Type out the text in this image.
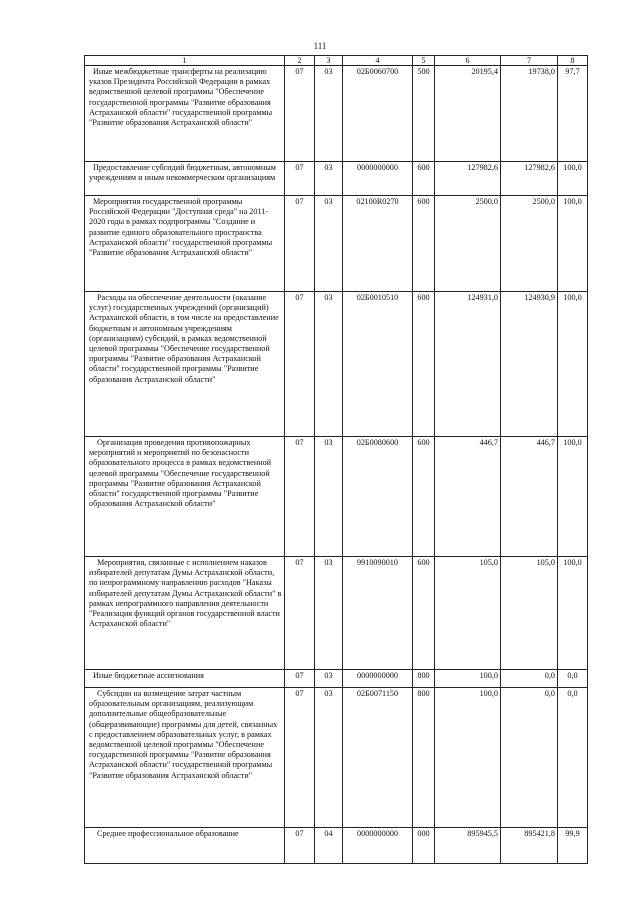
111
1	2	3	4	5	6	7	8
Иные межбюджетные трансферты на реализацию указов Президента Российской Федерации в рамках ведомственной целевой программы "Обеспечение государственной программы "Развитие образования Астраханской области" государственной программы "Развитие образования Астраханской области"	07	03	02Б0060700	500	20195,4	19738,0	97,7
Предоставление субсидий бюджетным, автономным учреждениям и иным некоммерческим организациям	07	03	0000000000	600	127982,6	127982,6	100,0
Мероприятия государственной программы Российской Федерации "Доступная среда" на 2011-2020 годы в рамках подпрограммы "Создание и развитие единого образовательного пространства Астраханской области" государственной программы "Развитие образования Астраханской области"	07	03	02100R0270	600	2500,0	2500,0	100,0
Расходы на обеспечение деятельности (оказание услуг) государственных учреждений (организаций) Астраханской области, в том числе на предоставление бюджетным и автономным учреждениям (организациям) субсидий, в рамках ведомственной целевой программы "Обеспечение государственной программы "Развитие образования Астраханской области" государственной программы "Развитие образования Астраханской области"	07	03	02Б0010510	600	124931,0	124930,9	100,0
Организация проведения противопожарных мероприятий и мероприятий по безопасности образовательного процесса в рамках ведомственной целевой программы "Обеспечение государственной программы "Развитие образования Астраханской области" государственной программы "Развитие образования Астраханской области"	07	03	02Б0080600	600	446,7	446,7	100,0
Мероприятия, связанные с исполнением наказов избирателей депутатам Думы Астраханской области, по непрограммному направлению расходов "Наказы избирателей депутатам Думы Астраханской области" в рамках непрограммного направления деятельности "Реализация функций органов государственной власти Астраханской области"	07	03	9910090010	600	105,0	105,0	100,0
Иные бюджетные ассигнования	07	03	0000000000	800	100,0	0,0	0,0
Субсидии на возмещение затрат частным образовательным организациям, реализующим дополнительные общеобразовательные (общеразвивающие) программы для детей, связанных с предоставлением образовательных услуг, в рамках ведомственной целевой программы "Обеспечение государственной программы "Развитие образования Астраханской области" государственной программы "Развитие образования Астраханской области"	07	03	02Б0071150	800	100,0	0,0	0,0
Среднее профессиональное образование	07	04	0000000000	000	895945,5	895421,8	99,9
